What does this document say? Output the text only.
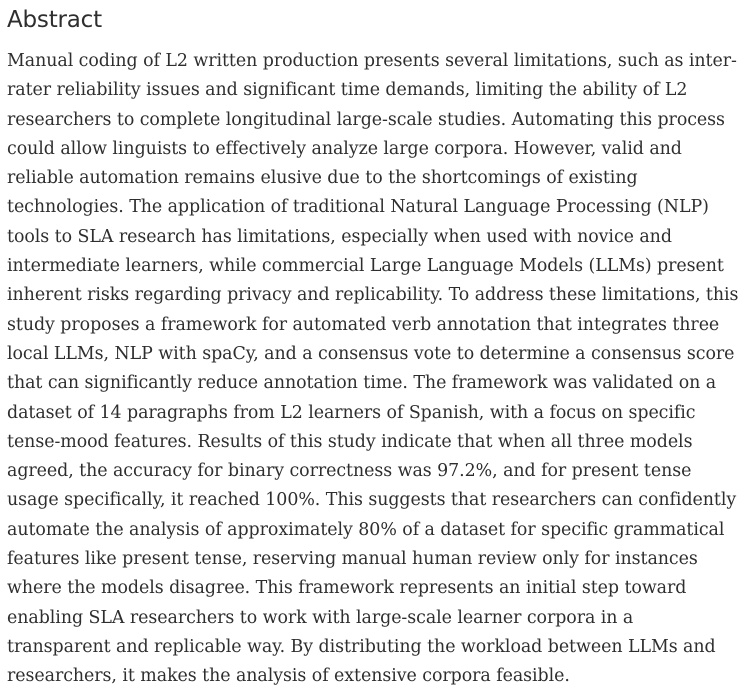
Abstract

Manual coding of L2 written production presents several limitations, such as inter-rater reliability issues and significant time demands, limiting the ability of L2 researchers to complete longitudinal large-scale studies. Automating this process could allow linguists to effectively analyze large corpora. However, valid and reliable automation remains elusive due to the shortcomings of existing technologies. The application of traditional Natural Language Processing (NLP) tools to SLA research has limitations, especially when used with novice and intermediate learners, while commercial Large Language Models (LLMs) present inherent risks regarding privacy and replicability. To address these limitations, this study proposes a framework for automated verb annotation that integrates three local LLMs, NLP with spaCy, and a consensus vote to determine a consensus score that can significantly reduce annotation time. The framework was validated on a dataset of 14 paragraphs from L2 learners of Spanish, with a focus on specific tense-mood features. Results of this study indicate that when all three models agreed, the accuracy for binary correctness was 97.2%, and for present tense usage specifically, it reached 100%. This suggests that researchers can confidently automate the analysis of approximately 80% of a dataset for specific grammatical features like present tense, reserving manual human review only for instances where the models disagree. This framework represents an initial step toward enabling SLA researchers to work with large-scale learner corpora in a transparent and replicable way. By distributing the workload between LLMs and researchers, it makes the analysis of extensive corpora feasible.
